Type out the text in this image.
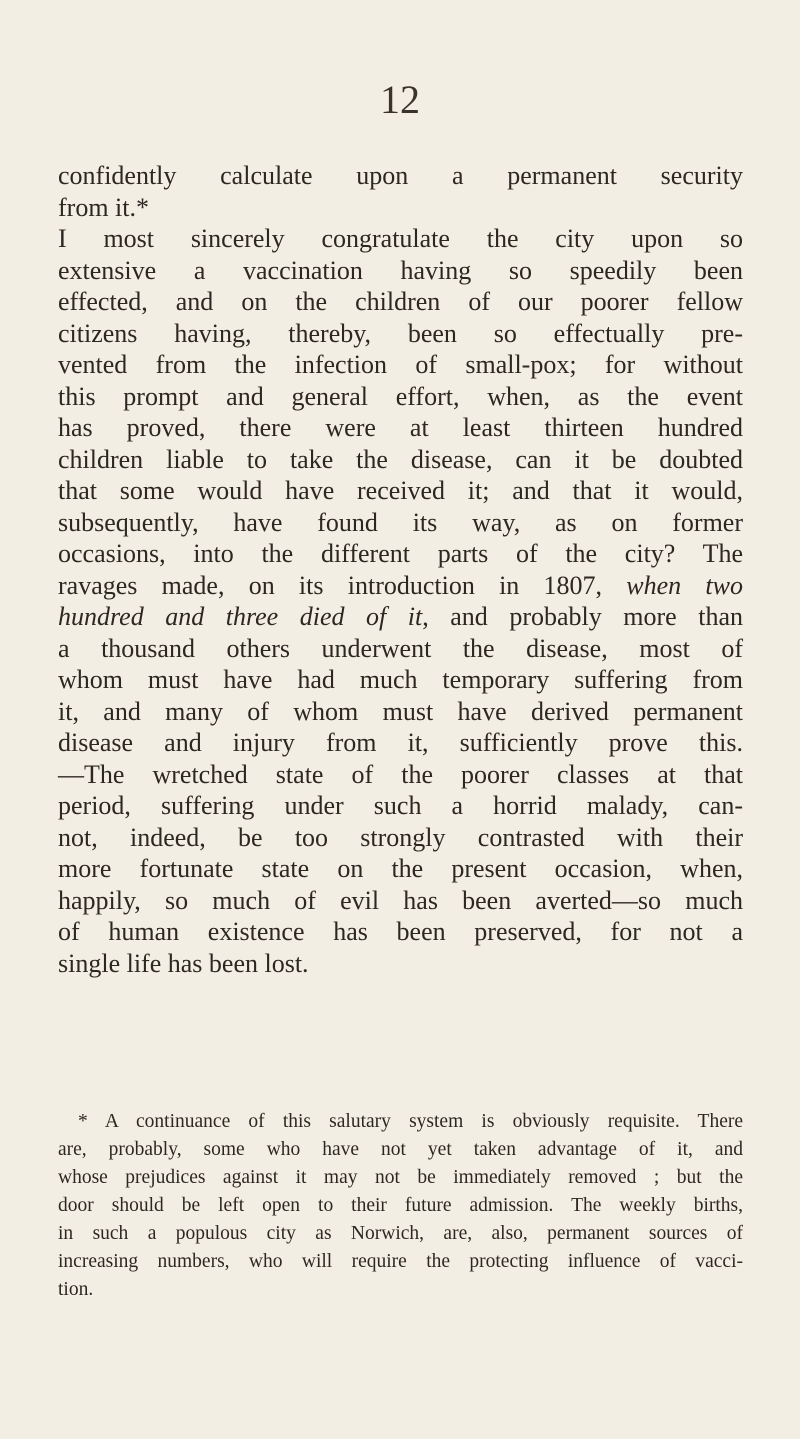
12
confidently calculate upon a permanent security
from it.*
I most sincerely congratulate the city upon so
extensive a vaccination having so speedily been
effected, and on the children of our poorer fellow
citizens having, thereby, been so effectually pre-
vented from the infection of small-pox; for without
this prompt and general effort, when, as the event
has proved, there were at least thirteen hundred
children liable to take the disease, can it be doubted
that some would have received it; and that it would,
subsequently, have found its way, as on former
occasions, into the different parts of the city? The
ravages made, on its introduction in 1807, when two
hundred and three died of it, and probably more than
a thousand others underwent the disease, most of
whom must have had much temporary suffering from
it, and many of whom must have derived permanent
disease and injury from it, sufficiently prove this.
—The wretched state of the poorer classes at that
period, suffering under such a horrid malady, can-
not, indeed, be too strongly contrasted with their
more fortunate state on the present occasion, when,
happily, so much of evil has been averted—so much
of human existence has been preserved, for not a
single life has been lost.
* A continuance of this salutary system is obviously requisite. There
are, probably, some who have not yet taken advantage of it, and
whose prejudices against it may not be immediately removed ; but the
door should be left open to their future admission. The weekly births,
in such a populous city as Norwich, are, also, permanent sources of
increasing numbers, who will require the protecting influence of vacci-
tion.
